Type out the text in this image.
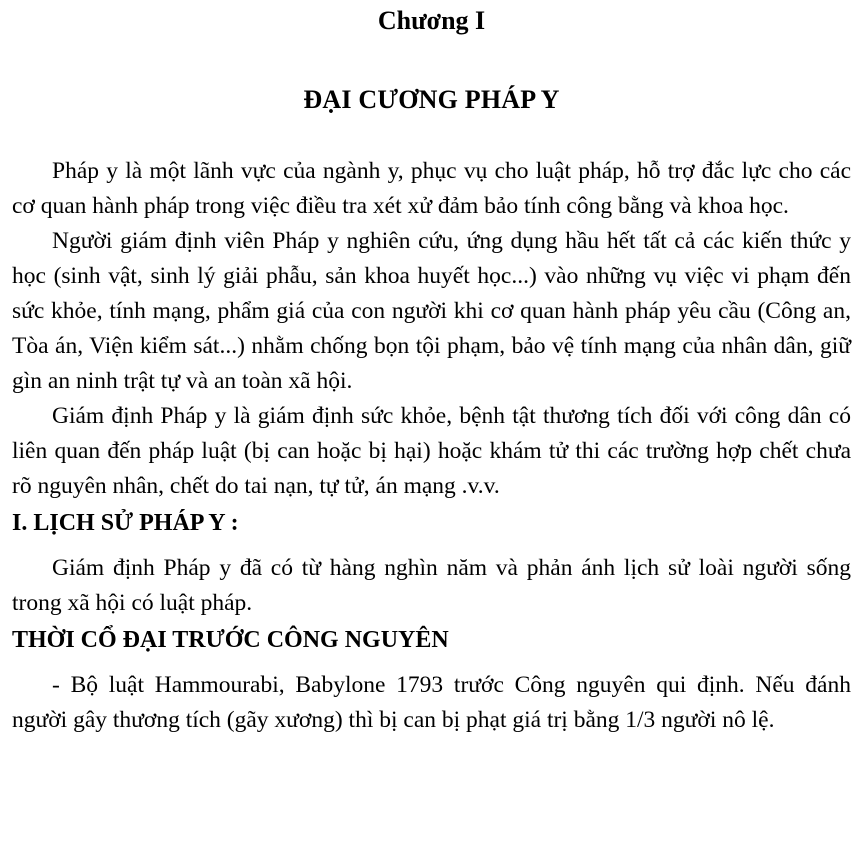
Chương I
ĐẠI CƯƠNG PHÁP Y

Pháp y là một lãnh vực của ngành y, phục vụ cho luật pháp, hỗ trợ đắc lực cho các cơ quan hành pháp trong việc điều tra xét xử đảm bảo tính công bằng và khoa học.

Người giám định viên Pháp y nghiên cứu, ứng dụng hầu hết tất cả các kiến thức y học (sinh vật, sinh lý giải phẫu, sản khoa huyết học...) vào những vụ việc vi phạm đến sức khỏe, tính mạng, phẩm giá của con người khi cơ quan hành pháp yêu cầu (Công an, Tòa án, Viện kiểm sát...) nhằm chống bọn tội phạm, bảo vệ tính mạng của nhân dân, giữ gìn an ninh trật tự và an toàn xã hội.

Giám định Pháp y là giám định sức khỏe, bệnh tật thương tích đối với công dân có liên quan đến pháp luật (bị can hoặc bị hại) hoặc khám tử thi các trường hợp chết chưa rõ nguyên nhân, chết do tai nạn, tự tử, án mạng .v.v.

I. LỊCH SỬ PHÁP Y :

Giám định Pháp y đã có từ hàng nghìn năm và phản ánh lịch sử loài người sống trong xã hội có luật pháp.

THỜI CỔ ĐẠI TRƯỚC CÔNG NGUYÊN

- Bộ luật Hammourabi, Babylone 1793 trước Công nguyên qui định. Nếu đánh người gây thương tích (gãy xương) thì bị can bị phạt giá trị bằng 1/3 người nô lệ.
